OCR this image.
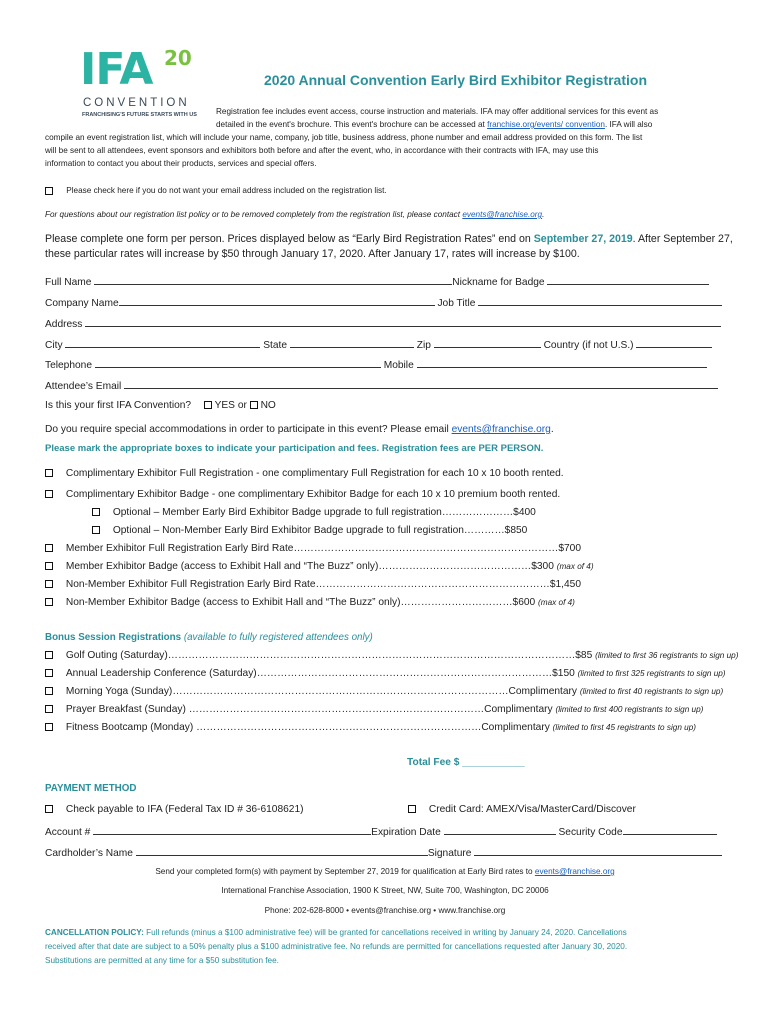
IFA 20
CONVENTION
FRANCHISING'S FUTURE STARTS WITH US
2020 Annual Convention Early Bird Exhibitor Registration
Registration fee includes event access, course instruction and materials. IFA may offer additional services for this event as
detailed in the event's brochure. This event's brochure can be accessed at franchise.org/events/ convention. IFA will also
compile an event registration list, which will include your name, company, job title, business address, phone number and email address provided on this form. The list
will be sent to all attendees, event sponsors and exhibitors both before and after the event, who, in accordance with their contracts with IFA, may use this
information to contact you about their products, services and special offers.
Please check here if you do not want your email address included on the registration list.
For questions about our registration list policy or to be removed completely from the registration list, please contact events@franchise.org.
Please complete one form per person. Prices displayed below as “Early Bird Registration Rates” end on September 27, 2019. After September 27,
these particular rates will increase by $50 through January 17, 2020. After January 17, rates will increase by $100.
Full Name	Nickname for Badge
Company Name	Job Title
Address
City	State	Zip	Country (if not U.S.)
Telephone	Mobile
Attendee’s Email
Is this your first IFA Convention? YES or NO
Do you require special accommodations in order to participate in this event? Please email events@franchise.org.
Please mark the appropriate boxes to indicate your participation and fees. Registration fees are PER PERSON.
Complimentary Exhibitor Full Registration - one complimentary Full Registration for each 10 x 10 booth rented.
Complimentary Exhibitor Badge - one complimentary Exhibitor Badge for each 10 x 10 premium booth rented.
Optional – Member Early Bird Exhibitor Badge upgrade to full registration…………………$400
Optional – Non-Member Early Bird Exhibitor Badge upgrade to full registration…………$850
Member Exhibitor Full Registration Early Bird Rate……………………………………………………………………$700
Member Exhibitor Badge (access to Exhibit Hall and “The Buzz” only)………………………………………$300 (max of 4)
Non-Member Exhibitor Full Registration Early Bird Rate……………………………………………………………$1,450
Non-Member Exhibitor Badge (access to Exhibit Hall and “The Buzz” only)……………………………$600 (max of 4)
Bonus Session Registrations (available to fully registered attendees only)
Golf Outing (Saturday)…………………………………………………………………………………………………………$85 (limited to first 36 registrants to sign up)
Annual Leadership Conference (Saturday)……………………………………………………………………………$150 (limited to first 325 registrants to sign up)
Morning Yoga (Sunday)………………………………………………………………………………………Complimentary (limited to first 40 registrants to sign up)
Prayer Breakfast (Sunday) ……………………………………………………………………………Complimentary (limited to first 400 registrants to sign up)
Fitness Bootcamp (Monday) …………………………………………………………………………Complimentary (limited to first 45 registrants to sign up)
Total Fee $ ___________
PAYMENT METHOD
Check payable to IFA (Federal Tax ID # 36-6108621)	Credit Card: AMEX/Visa/MasterCard/Discover
Account #	Expiration Date	Security Code
Cardholder’s Name	Signature
Send your completed form(s) with payment by September 27, 2019 for qualification at Early Bird rates to events@franchise.org
International Franchise Association, 1900 K Street, NW, Suite 700, Washington, DC 20006
Phone: 202-628-8000 • events@franchise.org • www.franchise.org
CANCELLATION POLICY: Full refunds (minus a $100 administrative fee) will be granted for cancellations received in writing by January 24, 2020. Cancellations
received after that date are subject to a 50% penalty plus a $100 administrative fee. No refunds are permitted for cancellations requested after January 30, 2020.
Substitutions are permitted at any time for a $50 substitution fee.
